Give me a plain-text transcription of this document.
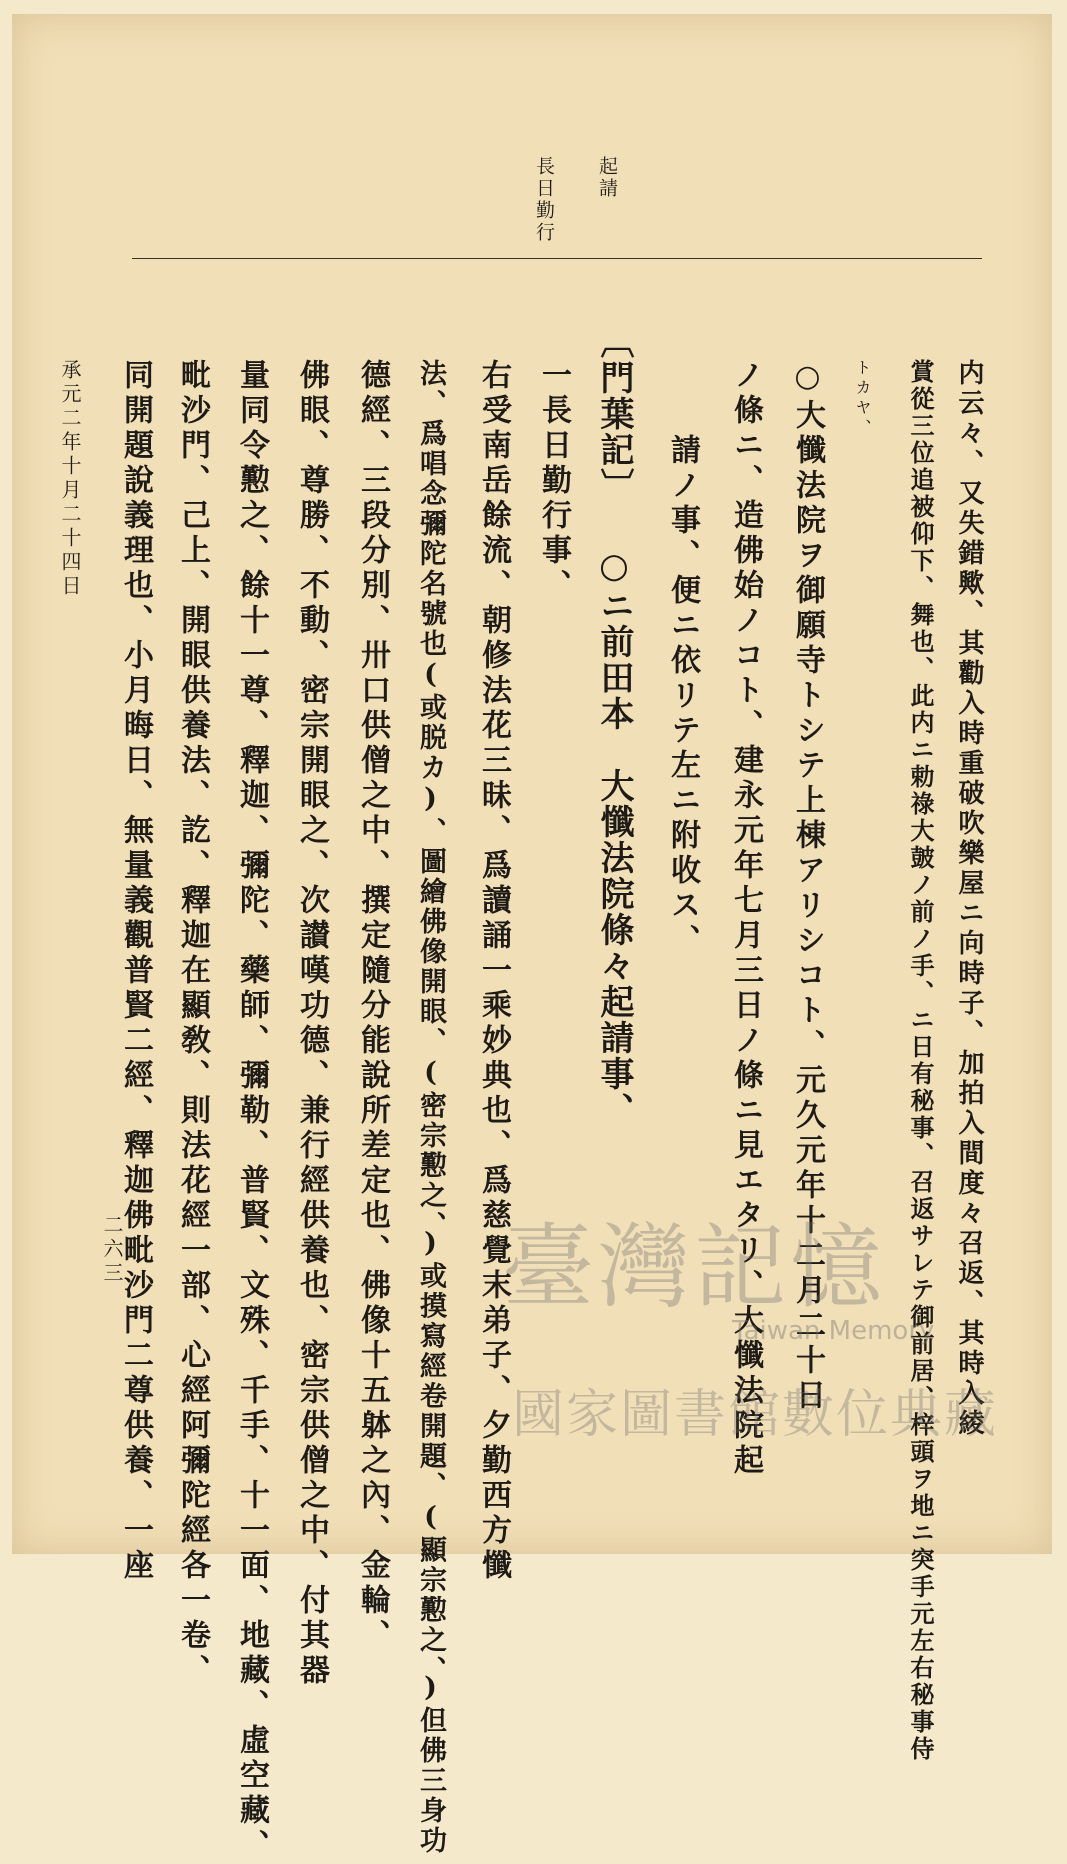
起請
長日勤行
内云々、又失錯歟、其勸入時重破吹樂屋ニ向時子、加拍入間度々召返、其時入綾
賞從三位追被仰下、舞也、此内ニ勅祿大皷ノ前ノ手、ニ日有秘事、召返サレテ御前居、梓頭ヲ地ニ突手元左右秘事侍
トカヤ、
○大懺法院ヲ御願寺トシテ上棟アリシコト、元久元年十二月二十日
ノ條ニ、造佛始ノコト、建永元年七月三日ノ條ニ見エタリ、大懺法院起
請ノ事、便ニ依リテ左ニ附收ス、
〔門葉記〕 ○ニ前田本　大懺法院條々起請事、
一長日勤行事、
右受南岳餘流、朝修法花三昧、爲讀誦一乘妙典也、爲慈覺末弟子、夕勤西方懺
法、爲唱念彌陀名號也(或脱カ)、圖繪佛像開眼、(密宗懃之、)或摸寫經卷開題、(顯宗懃之、)但佛三身功
德經、三段分別、卅口供僧之中、撰定隨分能說所差定也、佛像十五躰之內、金輪、
佛眼、尊勝、不動、密宗開眼之、次讃嘆功德、兼行經供養也、密宗供僧之中、付其器
量同令懃之、餘十一尊、釋迦、彌陀、藥師、彌勒、普賢、文殊、千手、十一面、地藏、虛空藏、
毗沙門、己上、開眼供養法、訖、釋迦在顯敎、則法花經一部、心經阿彌陀經各一卷、
同開題說義理也、小月晦日、無量義觀普賢二經、釋迦佛毗沙門二尊供養、一座
承元二年十月二十四日
二六三	臺灣記憶
Taiwan Memory
國家圖書館數位典藏
